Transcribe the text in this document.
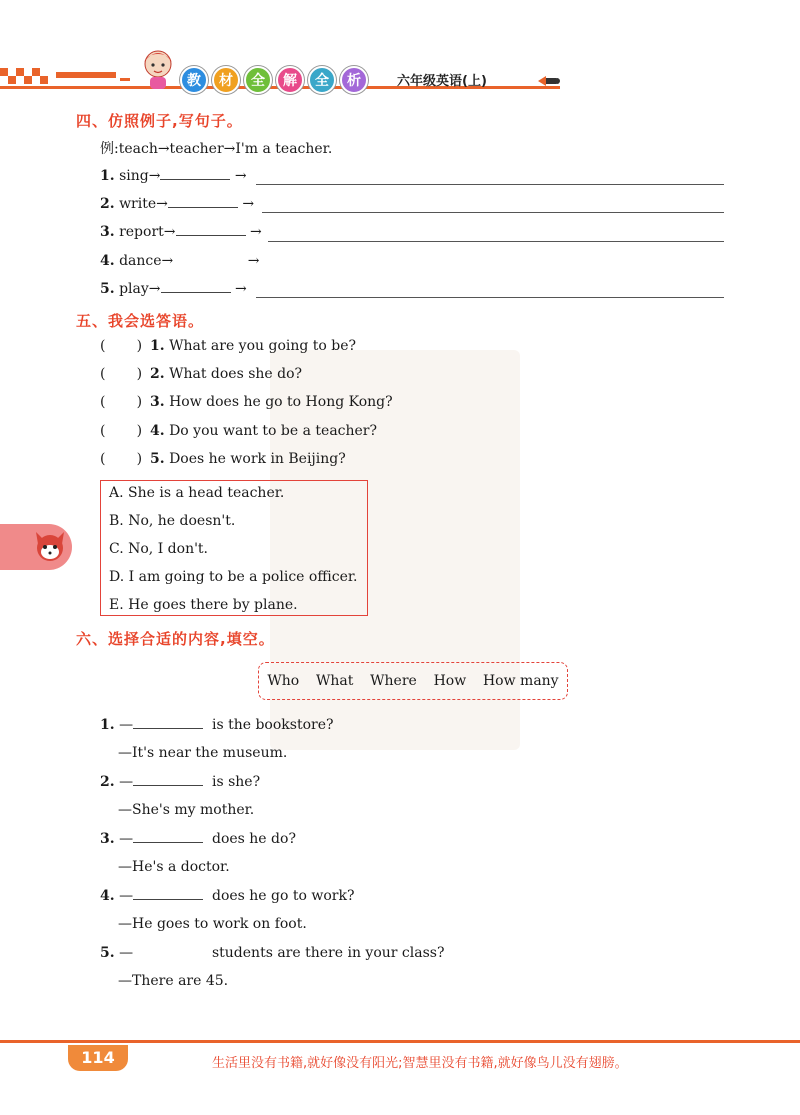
教	材	全	解	全	析	六年级英语(上)
四、仿照例子,写句子。
例:teach→teacher→I'm a teacher.
1. sing→	→
2. write→	→
3. report→	→
4. dance→	→
5. play→	→
五、我会选答语。
(       ) 1. What are you going to be?
(       ) 2. What does she do?
(       ) 3. How does he go to Hong Kong?
(       ) 4. Do you want to be a teacher?
(       ) 5. Does he work in Beijing?
A. She is a head teacher.
B. No, he doesn't.
C. No, I don't.
D. I am going to be a police officer.
E. He goes there by plane.
六、选择合适的内容,填空。
Who What Where How How many
1. —	is the bookstore?
—It's near the museum.
2. —	is she?
—She's my mother.
3. —	does he do?
—He's a doctor.
4. —	does he go to work?
—He goes to work on foot.
5. —	students are there in your class?
—There are 45.
114	生活里没有书籍,就好像没有阳光;智慧里没有书籍,就好像鸟儿没有翅膀。
